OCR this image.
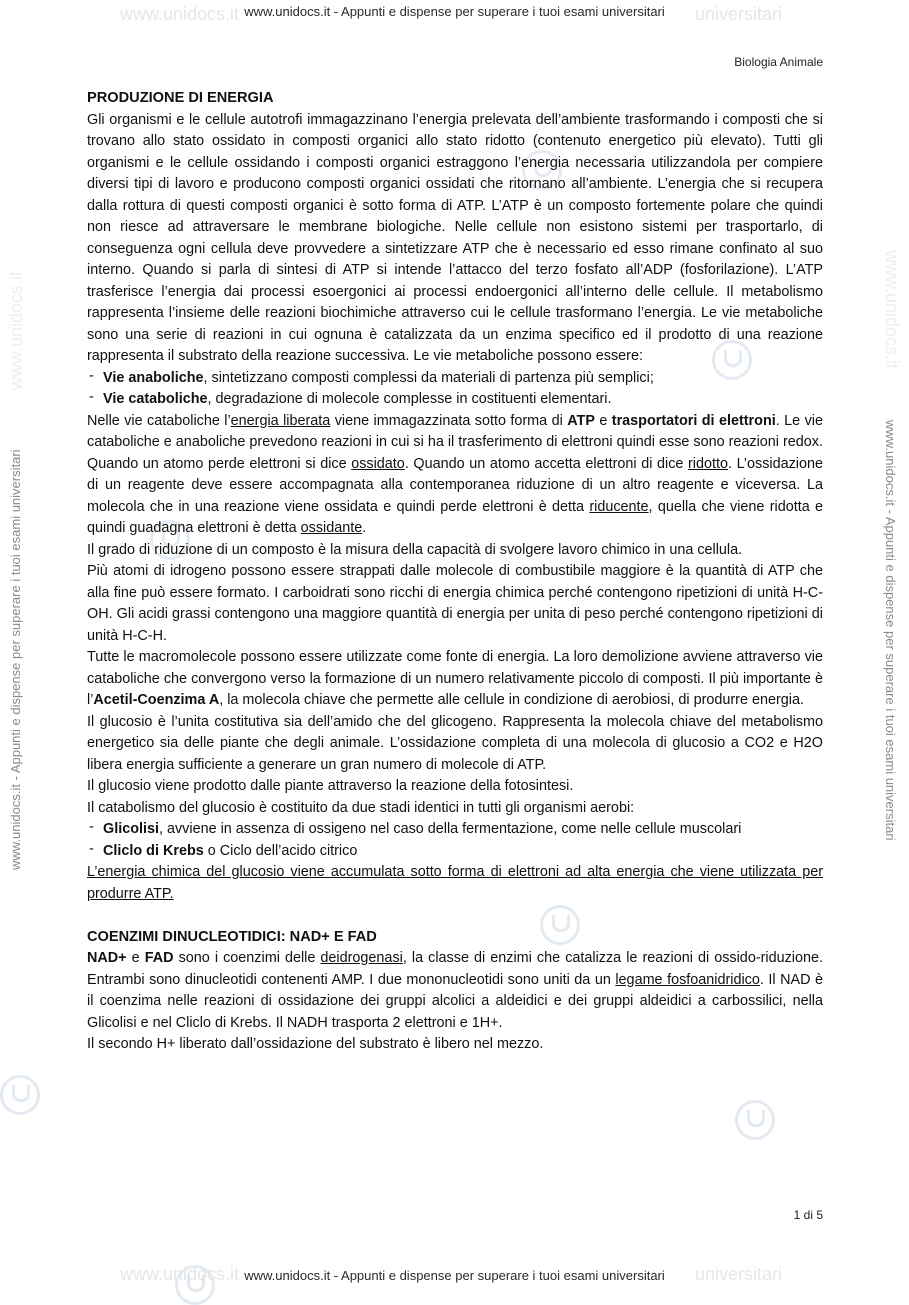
www.unidocs.it	universitari
www.unidocs.it - Appunti e dispense per superare i tuoi esami universitari
www.unidocs.it	universitari
www.unidocs.it - Appunti e dispense per superare i tuoi esami universitari
www.unidocs.it - Appunti e dispense per superare i tuoi esami universitari	www.unidocs.it - Appunti e dispense per superare i tuoi esami universitari
www.unidocs.it	www.unidocs.it
Biologia Animale

PRODUZIONE DI ENERGIA

Gli organismi e le cellule autotrofi immagazzinano l’energia prelevata dell’ambiente trasformando i composti che si trovano allo stato ossidato in composti organici allo stato ridotto (contenuto energetico più elevato). Tutti gli organismi e le cellule ossidando i composti organici estraggono l’energia necessaria utilizzandola per compiere diversi tipi di lavoro e producono composti organici ossidati che ritornano all’ambiente. L’energia che si recupera dalla rottura di questi composti organici è sotto forma di ATP. L’ATP è un composto fortemente polare che quindi non riesce ad attraversare le membrane biologiche. Nelle cellule non esistono sistemi per trasportarlo, di conseguenza ogni cellula deve provvedere a sintetizzare ATP che è necessario ed esso rimane confinato al suo interno. Quando si parla di sintesi di ATP si intende l’attacco del terzo fosfato all’ADP (fosforilazione). L’ATP trasferisce l’energia dai processi esoergonici ai processi endoergonici all’interno delle cellule. Il metabolismo rappresenta l’insieme delle reazioni biochimiche attraverso cui le cellule trasformano l’energia. Le vie metaboliche sono una serie di reazioni in cui ognuna è catalizzata da un enzima specifico ed il prodotto di una reazione rappresenta il substrato della reazione successiva. Le vie metaboliche possono essere:

- Vie anaboliche, sintetizzano composti complessi da materiali di partenza più semplici;
- Vie cataboliche, degradazione di molecole complesse in costituenti elementari.

Nelle vie cataboliche l’energia liberata viene immagazzinata sotto forma di ATP e trasportatori di elettroni. Le vie cataboliche e anaboliche prevedono reazioni in cui si ha il trasferimento di elettroni quindi esse sono reazioni redox. Quando un atomo perde elettroni si dice ossidato. Quando un atomo accetta elettroni di dice ridotto. L’ossidazione di un reagente deve essere accompagnata alla contemporanea riduzione di un altro reagente e viceversa. La molecola che in una reazione viene ossidata e quindi perde elettroni è detta riducente, quella che viene ridotta e quindi guadagna elettroni è detta ossidante.

Il grado di riduzione di un composto è la misura della capacità di svolgere lavoro chimico in una cellula.

Più atomi di idrogeno possono essere strappati dalle molecole di combustibile maggiore è la quantità di ATP che alla fine può essere formato. I carboidrati sono ricchi di energia chimica perché contengono ripetizioni di unità H-C-OH. Gli acidi grassi contengono una maggiore quantità di energia per unita di peso perché contengono ripetizioni di unità H-C-H.

Tutte le macromolecole possono essere utilizzate come fonte di energia. La loro demolizione avviene attraverso vie cataboliche che convergono verso la formazione di un numero relativamente piccolo di composti. Il più importante è l’Acetil-Coenzima A, la molecola chiave che permette alle cellule in condizione di aerobiosi, di produrre energia.

Il glucosio è l’unita costitutiva sia dell’amido che del glicogeno. Rappresenta la molecola chiave del metabolismo energetico sia delle piante che degli animale. L’ossidazione completa di una molecola di glucosio a CO2 e H2O libera energia sufficiente a generare un gran numero di molecole di ATP.

Il glucosio viene prodotto dalle piante attraverso la reazione della fotosintesi.

Il catabolismo del glucosio è costituito da due stadi identici in tutti gli organismi aerobi:

- Glicolisi, avviene in assenza di ossigeno nel caso della fermentazione, come nelle cellule muscolari
- Cliclo di Krebs o Ciclo dell’acido citrico

L’energia chimica del glucosio viene accumulata sotto forma di elettroni ad alta energia che viene utilizzata per produrre ATP.

COENZIMI DINUCLEOTIDICI: NAD+ E FAD

NAD+ e FAD sono i coenzimi delle deidrogenasi, la classe di enzimi che catalizza le reazioni di ossido-riduzione. Entrambi sono dinucleotidi contenenti AMP. I due mononucleotidi sono uniti da un legame fosfoanidridico. Il NAD è il coenzima nelle reazioni di ossidazione dei gruppi alcolici a aldeidici e dei gruppi aldeidici a carbossilici, nella Glicolisi e nel Cliclo di Krebs. Il NADH trasporta 2 elettroni e 1H+.

Il secondo H+ liberato dall’ossidazione del substrato è libero nel mezzo.

1 di 5
